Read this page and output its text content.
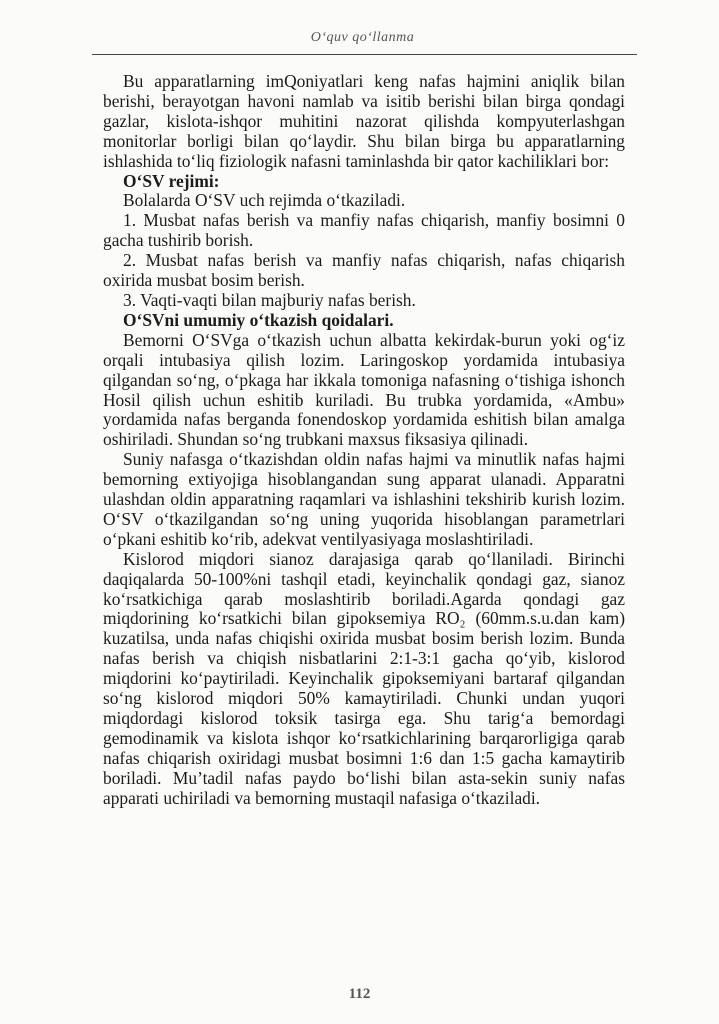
O‘quv qo‘llanma

Bu apparatlarning imQoniyatlari keng nafas hajmini aniqlik bilan berishi, berayotgan havoni namlab va isitib berishi bilan birga qondagi gazlar, kislota-ishqor muhitini nazorat qilishda kompyuterlashgan monitorlar borligi bilan qo‘laydir. Shu bilan birga bu apparatlarning ishlashida to‘liq fiziologik nafasni taminlashda bir qator kachiliklari bor:

O‘SV rejimi:

Bolalarda O‘SV uch rejimda o‘tkaziladi.

1. Musbat nafas berish va manfiy nafas chiqarish, manfiy bosimni 0 gacha tushirib borish.

2. Musbat nafas berish va manfiy nafas chiqarish, nafas chiqarish oxirida musbat bosim berish.

3. Vaqti-vaqti bilan majburiy nafas berish.

O‘SVni umumiy o‘tkazish qoidalari.

Bemorni O‘SVga o‘tkazish uchun albatta kekirdak-burun yoki og‘iz orqali intubasiya qilish lozim. Laringoskop yordamida intubasiya qilgandan so‘ng, o‘pkaga har ikkala tomoniga nafasning o‘tishiga ishonch Hosil qilish uchun eshitib kuriladi. Bu trubka yordamida, «Ambu» yordamida nafas berganda fonendoskop yordamida eshitish bilan amalga oshiriladi. Shundan so‘ng trubkani maxsus fiksasiya qilinadi.

Suniy nafasga o‘tkazishdan oldin nafas hajmi va minutlik nafas hajmi bemorning extiyojiga hisoblangandan sung apparat ulanadi. Apparatni ulashdan oldin apparatning raqamlari va ishlashini tekshirib kurish lozim. O‘SV o‘tkazilgandan so‘ng uning yuqorida hisoblangan parametrlari o‘pkani eshitib ko‘rib, adekvat ventilyasiyaga moslashtiriladi.

Kislorod miqdori sianoz darajasiga qarab qo‘llaniladi. Birinchi daqiqalarda 50-100%ni tashqil etadi, keyinchalik qondagi gaz, sianoz ko‘rsatkichiga qarab moslashtirib boriladi.Agarda qondagi gaz miqdorining ko‘rsatkichi bilan gipoksemiya RO₂ (60mm.s.u.dan kam) kuzatilsa, unda nafas chiqishi oxirida musbat bosim berish lozim. Bunda nafas berish va chiqish nisbatlarini 2:1-3:1 gacha qo‘yib, kislorod miqdorini ko‘paytiriladi. Keyinchalik gipoksemiyani bartaraf qilgandan so‘ng kislorod miqdori 50% kamaytiriladi. Chunki undan yuqori miqdordagi kislorod toksik tasirga ega. Shu tarig‘a bemordagi gemodinamik va kislota ishqor ko‘rsatkichlarining barqarorligiga qarab nafas chiqarish oxiridagi musbat bosimni 1:6 dan 1:5 gacha kamaytirib boriladi. Mu’tadil nafas paydo bo‘lishi bilan asta-sekin suniy nafas apparati uchiriladi va bemorning mustaqil nafasiga o‘tkaziladi.

112
